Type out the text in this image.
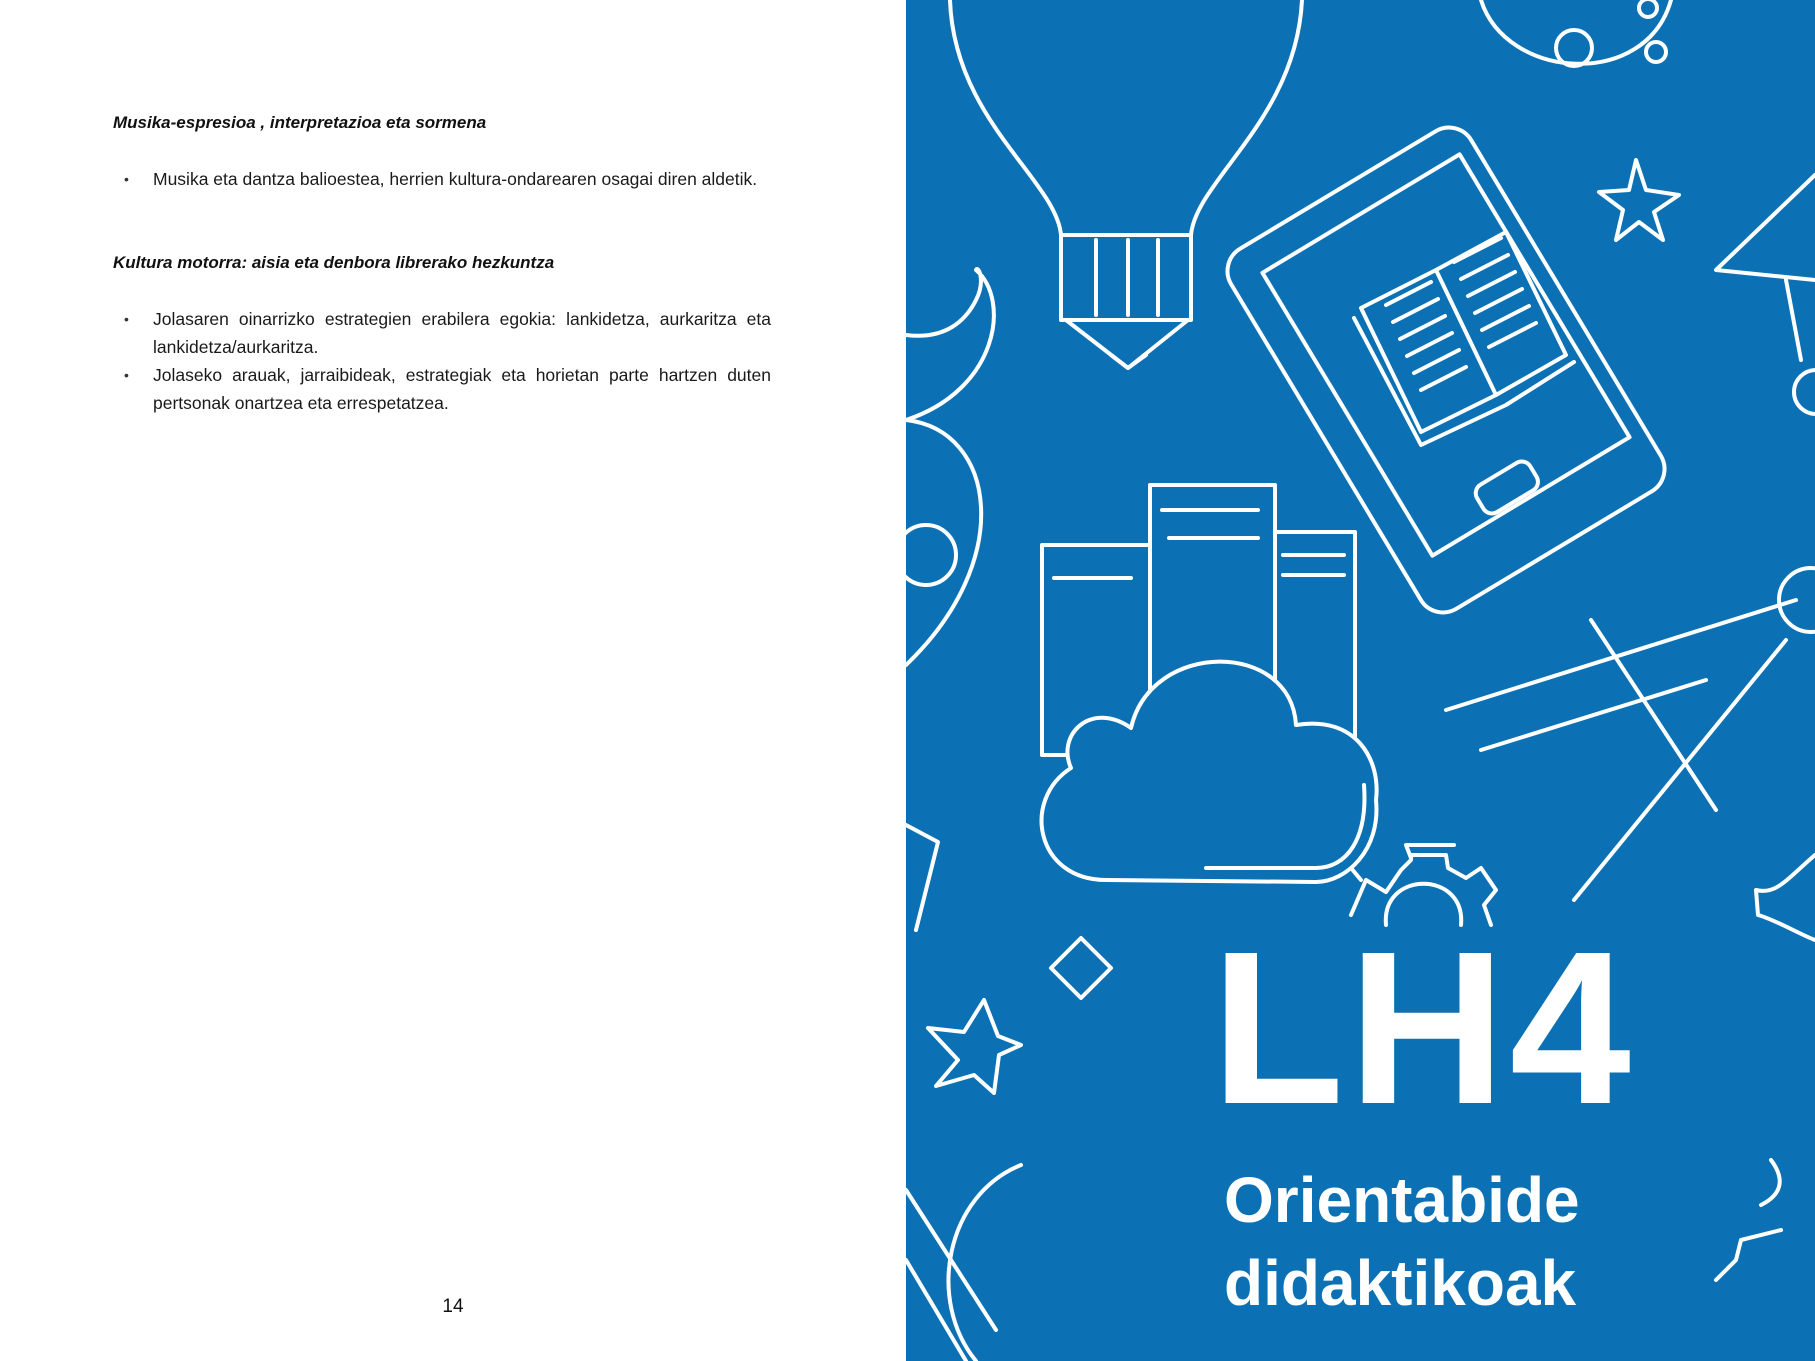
Musika-espresioa , interpretazioa eta sormena

• Musika eta dantza balioestea, herrien kultura-ondarearen osagai diren aldetik.

Kultura motorra: aisia eta denbora librerako hezkuntza

• Jolasaren oinarrizko estrategien erabilera egokia: lankidetza, aurkaritza eta lankidetza/aurkaritza.
• Jolaseko arauak, jarraibideak, estrategiak eta horietan parte hartzen duten pertsonak onartzea eta errespetatzea.
14
LH4
Orientabide
didaktikoak
